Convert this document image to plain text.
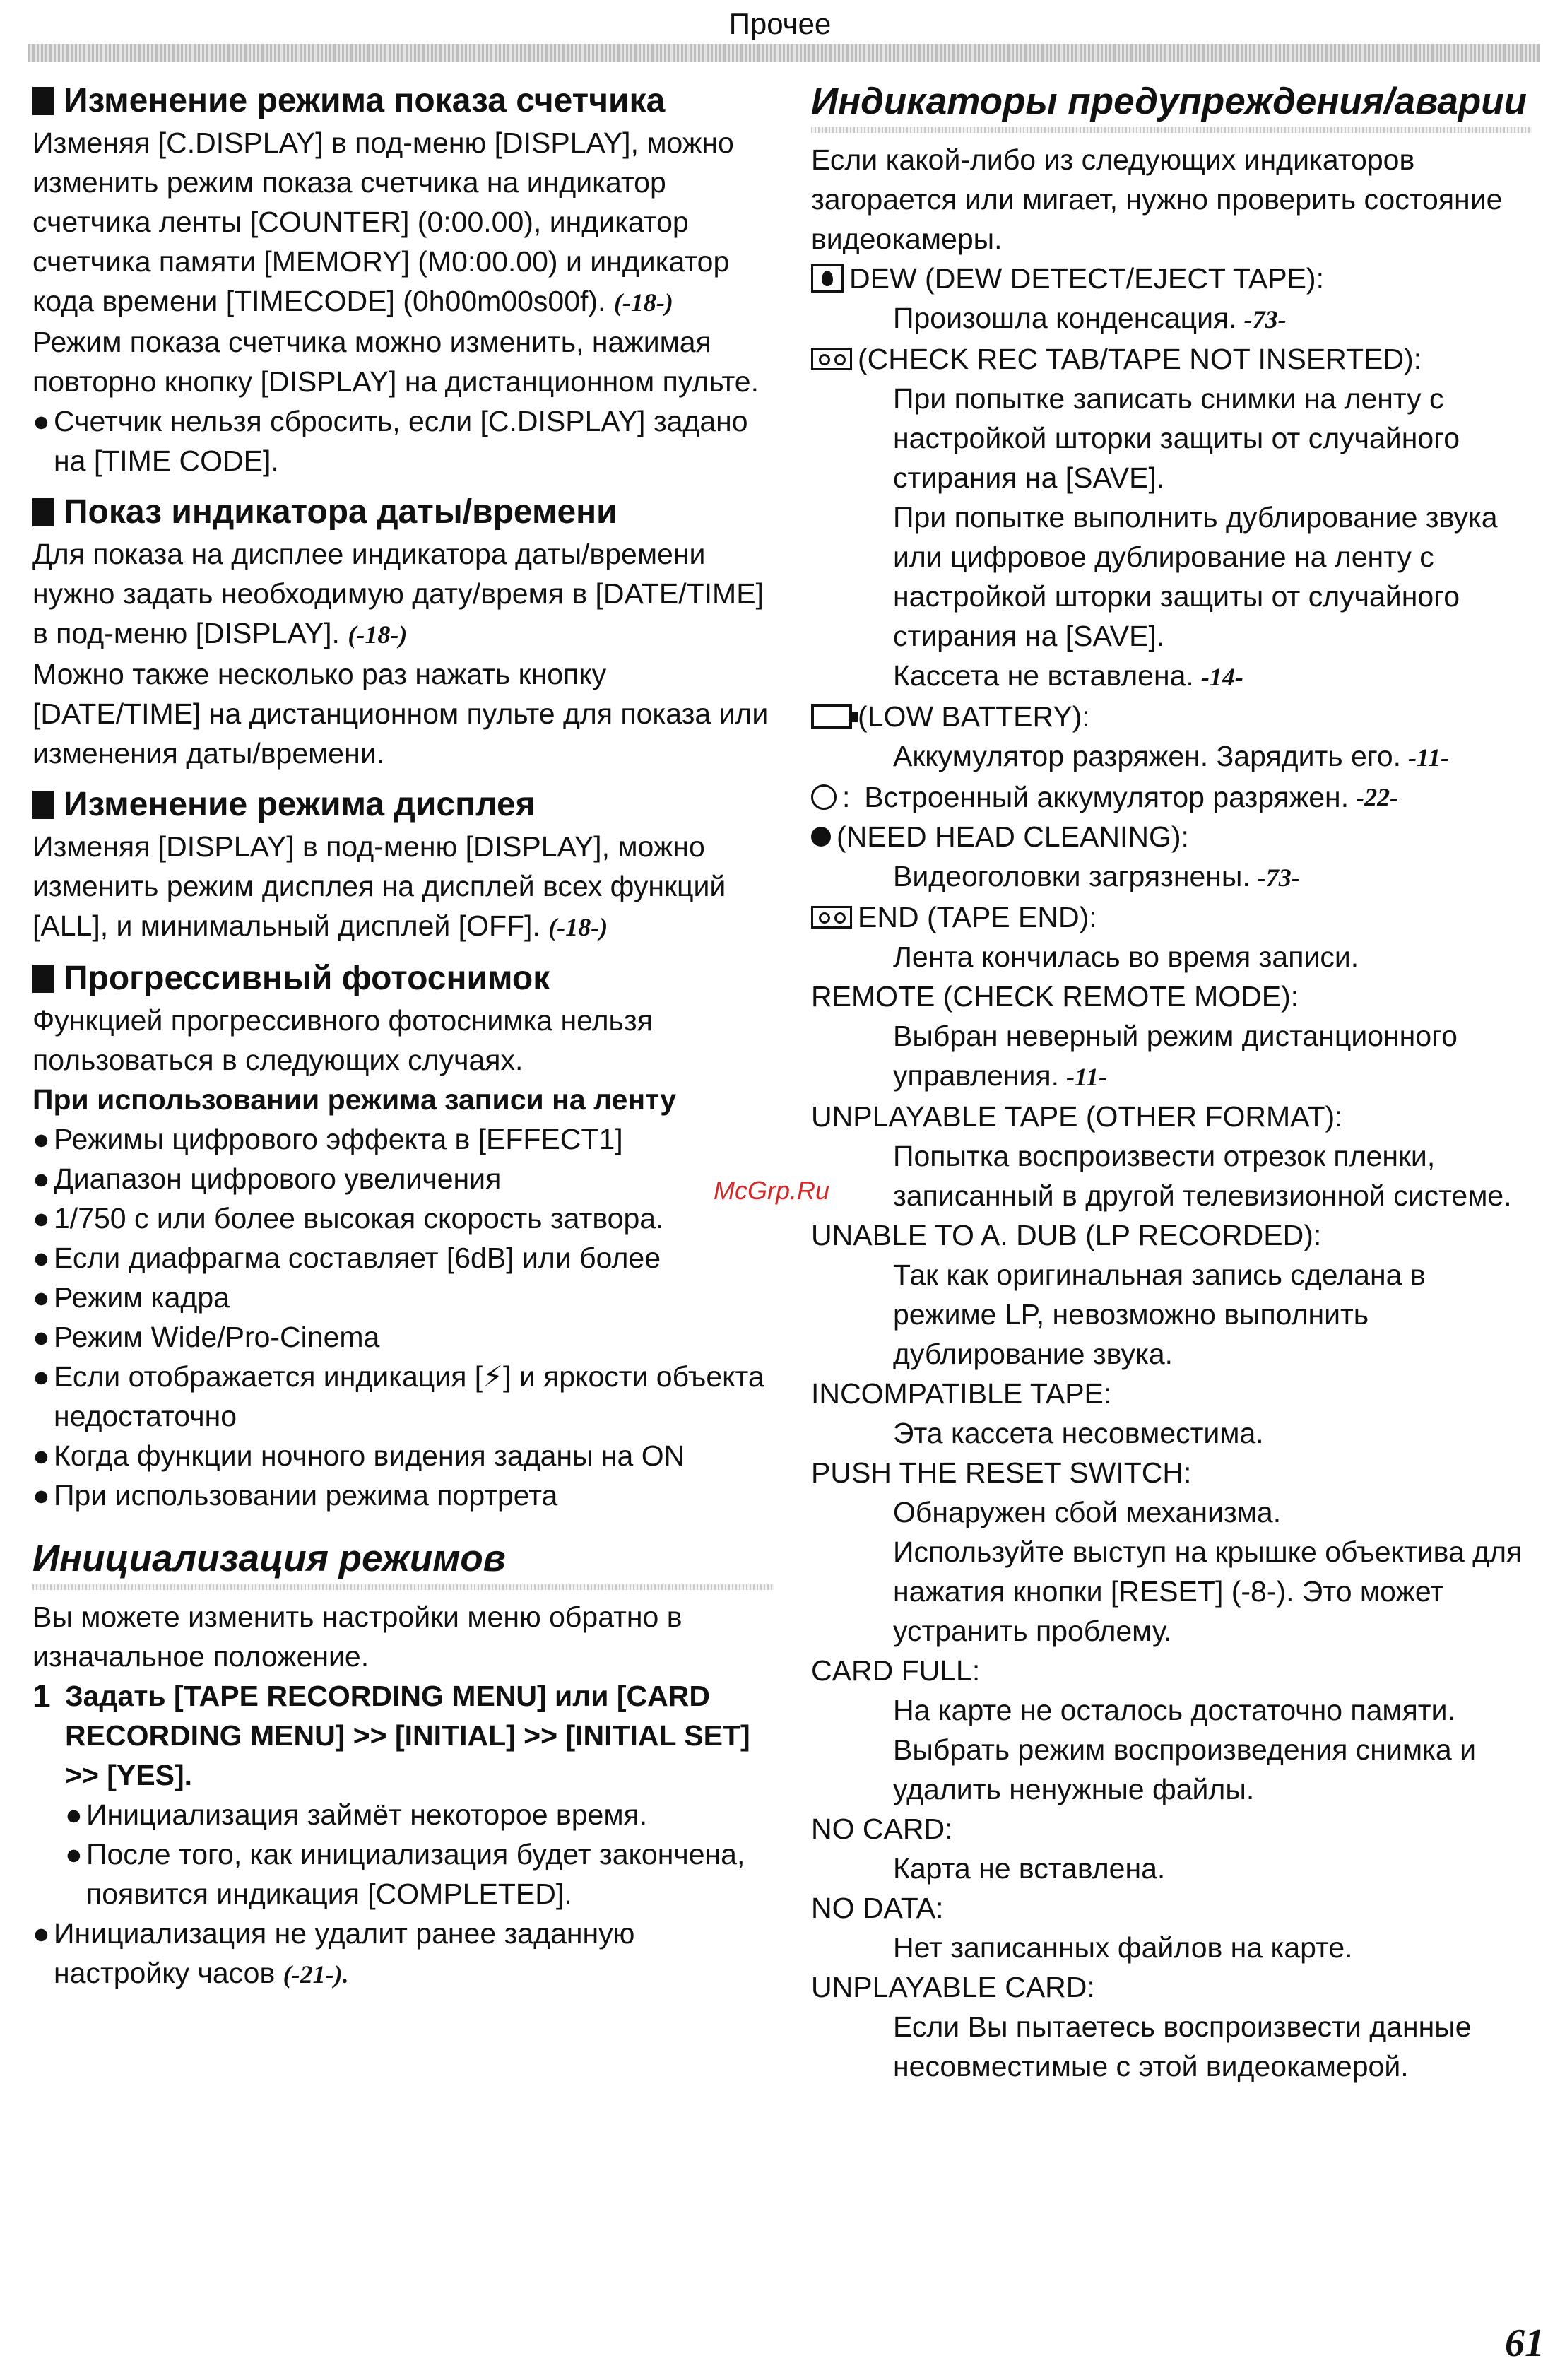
Прочее
Изменение режима показа счетчика

Изменяя [C.DISPLAY] в под-меню [DISPLAY], можно изменить режим показа счетчика на индикатор счетчика ленты [COUNTER] (0:00.00), индикатор счетчика памяти [MEMORY] (M0:00.00) и индикатор кода времени [TIMECODE] (0h00m00s00f). (-18-)

Режим показа счетчика можно изменить, нажимая повторно кнопку [DISPLAY] на дистанционном пульте.

● Счетчик нельзя сбросить, если [C.DISPLAY] задано на [TIME CODE].
Показ индикатора даты/времени

Для показа на дисплее индикатора даты/времени нужно задать необходимую дату/время в [DATE/TIME] в под-меню [DISPLAY]. (-18-)

Можно также несколько раз нажать кнопку [DATE/TIME] на дистанционном пульте для показа или изменения даты/времени.

Изменение режима дисплея

Изменяя [DISPLAY] в под-меню [DISPLAY], можно изменить режим дисплея на дисплей всех функций [ALL], и минимальный дисплей [OFF]. (-18-)

Прогрессивный фотоснимок

Функцией прогрессивного фотоснимка нельзя пользоваться в следующих случаях.

При использовании режима записи на ленту

● Режимы цифрового эффекта в [EFFECT1]
● Диапазон цифрового увеличения
● 1/750 с или более высокая скорость затвора.
● Если диафрагма составляет [6dB] или более
● Режим кадра
● Режим Wide/Pro-Cinema
● Если отображается индикация [⚡︎] и яркости объекта недостаточно
● Когда функции ночного видения заданы на ON
● При использовании режима портрета
Инициализация режимов

Вы можете изменить настройки меню обратно в изначальное положение.

1 Задать [TAPE RECORDING MENU] или [CARD RECORDING MENU] >> [INITIAL] >> [INITIAL SET] >> [YES].
● Инициализация займёт некоторое время.
● После того, как инициализация будет закончена, появится индикация [COMPLETED].
● Инициализация не удалит ранее заданную настройку часов (-21-).
Индикаторы предупреждения/аварии

Если какой-либо из следующих индикаторов загорается или мигает, нужно проверить состояние видеокамеры.

DEW (DEW DETECT/EJECT TAPE):
Произошла конденсация. -73-
(CHECK REC TAB/TAPE NOT INSERTED):
При попытке записать снимки на ленту с настройкой шторки защиты от случайного стирания на [SAVE].
При попытке выполнить дублирование звука или цифровое дублирование на ленту с настройкой шторки защиты от случайного стирания на [SAVE].
Кассета не вставлена. -14-
(LOW BATTERY):
Аккумулятор разряжен. Зарядить его. -11-
: Встроенный аккумулятор разряжен. -22-
(NEED HEAD CLEANING):
Видеоголовки загрязнены. -73-
END (TAPE END):
Лента кончилась во время записи.
REMOTE (CHECK REMOTE MODE):
Выбран неверный режим дистанционного управления. -11-
UNPLAYABLE TAPE (OTHER FORMAT):
Попытка воспроизвести отрезок пленки, записанный в другой телевизионной системе.
UNABLE TO A. DUB (LP RECORDED):
Так как оригинальная запись сделана в режиме LP, невозможно выполнить дублирование звука.
INCOMPATIBLE TAPE:
Эта кассета несовместима.
PUSH THE RESET SWITCH:
Обнаружен сбой механизма.
Используйте выступ на крышке объектива для нажатия кнопки [RESET] (-8-). Это может устранить проблему.
CARD FULL:
На карте не осталось достаточно памяти.
Выбрать режим воспроизведения снимка и удалить ненужные файлы.
NO CARD:
Карта не вставлена.
NO DATA:
Нет записанных файлов на карте.
UNPLAYABLE CARD:
Если Вы пытаетесь воспроизвести данные несовместимые с этой видеокамерой.
McGrp.Ru
61
